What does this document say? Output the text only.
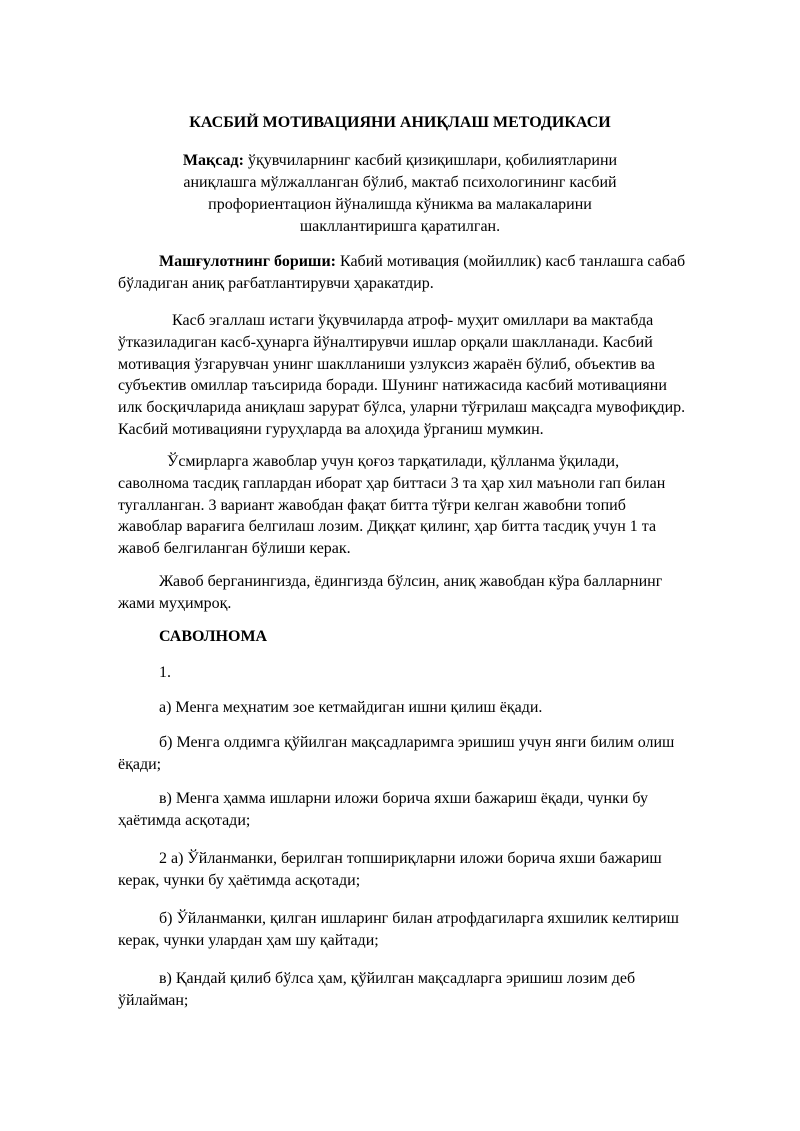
КАСБИЙ МОТИВАЦИЯНИ АНИҚЛАШ МЕТОДИКАСИ
Мақсад: ўқувчиларнинг касбий қизиқишлари, қобилиятларини
аниқлашга мўлжалланган бўлиб, мактаб психологининг касбий
профориентацион йўналишда кўникма ва малакаларини
шакллантиришга қаратилган.
Машғулотнинг бориши: Кабий мотивация (мойиллик) касб танлашга сабаб бўладиган аниқ рағбатлантирувчи ҳаракатдир.
Касб эгаллаш истаги ўқувчиларда атроф- муҳит омиллари ва мактабда ўтказиладиган касб-ҳунарга йўналтирувчи ишлар орқали шаклланади. Касбий мотивация ўзгарувчан унинг шаклланиши узлуксиз жараён бўлиб, объектив ва субъектив омиллар таъсирида боради. Шунинг натижасида касбий мотивацияни илк босқичларида аниқлаш зарурат бўлса, уларни тўғрилаш мақсадга мувофиқдир. Касбий мотивацияни гуруҳларда ва алоҳида ўрганиш мумкин.
Ўсмирларга жавоблар учун қоғоз тарқатилади, қўлланма ўқилади, саволнома тасдиқ гаплардан иборат ҳар биттаси 3 та ҳар хил маъноли гап билан тугалланган. 3 вариант жавобдан фақат битта тўғри келган жавобни топиб жавоблар варағига белгилаш лозим. Диққат қилинг, ҳар битта тасдиқ учун 1 та жавоб белгиланган бўлиши керак.
Жавоб берганингизда, ёдингизда бўлсин, аниқ жавобдан кўра балларнинг жами муҳимроқ.
САВОЛНОМА
1.
а) Менга меҳнатим зое кетмайдиган ишни қилиш ёқади.
б) Менга олдимга қўйилган мақсадларимга эришиш учун янги билим олиш ёқади;
в) Менга ҳамма ишларни иложи борича яхши бажариш ёқади, чунки бу ҳаётимда асқотади;
2 а) Ўйланманки, берилган топшириқларни иложи борича яхши бажариш керак, чунки бу ҳаётимда асқотади;
б) Ўйланманки, қилган ишларинг билан атрофдагиларга яхшилик келтириш керак, чунки улардан ҳам шу қайтади;
в) Қандай қилиб бўлса ҳам, қўйилган мақсадларга эришиш лозим деб ўйлайман;
